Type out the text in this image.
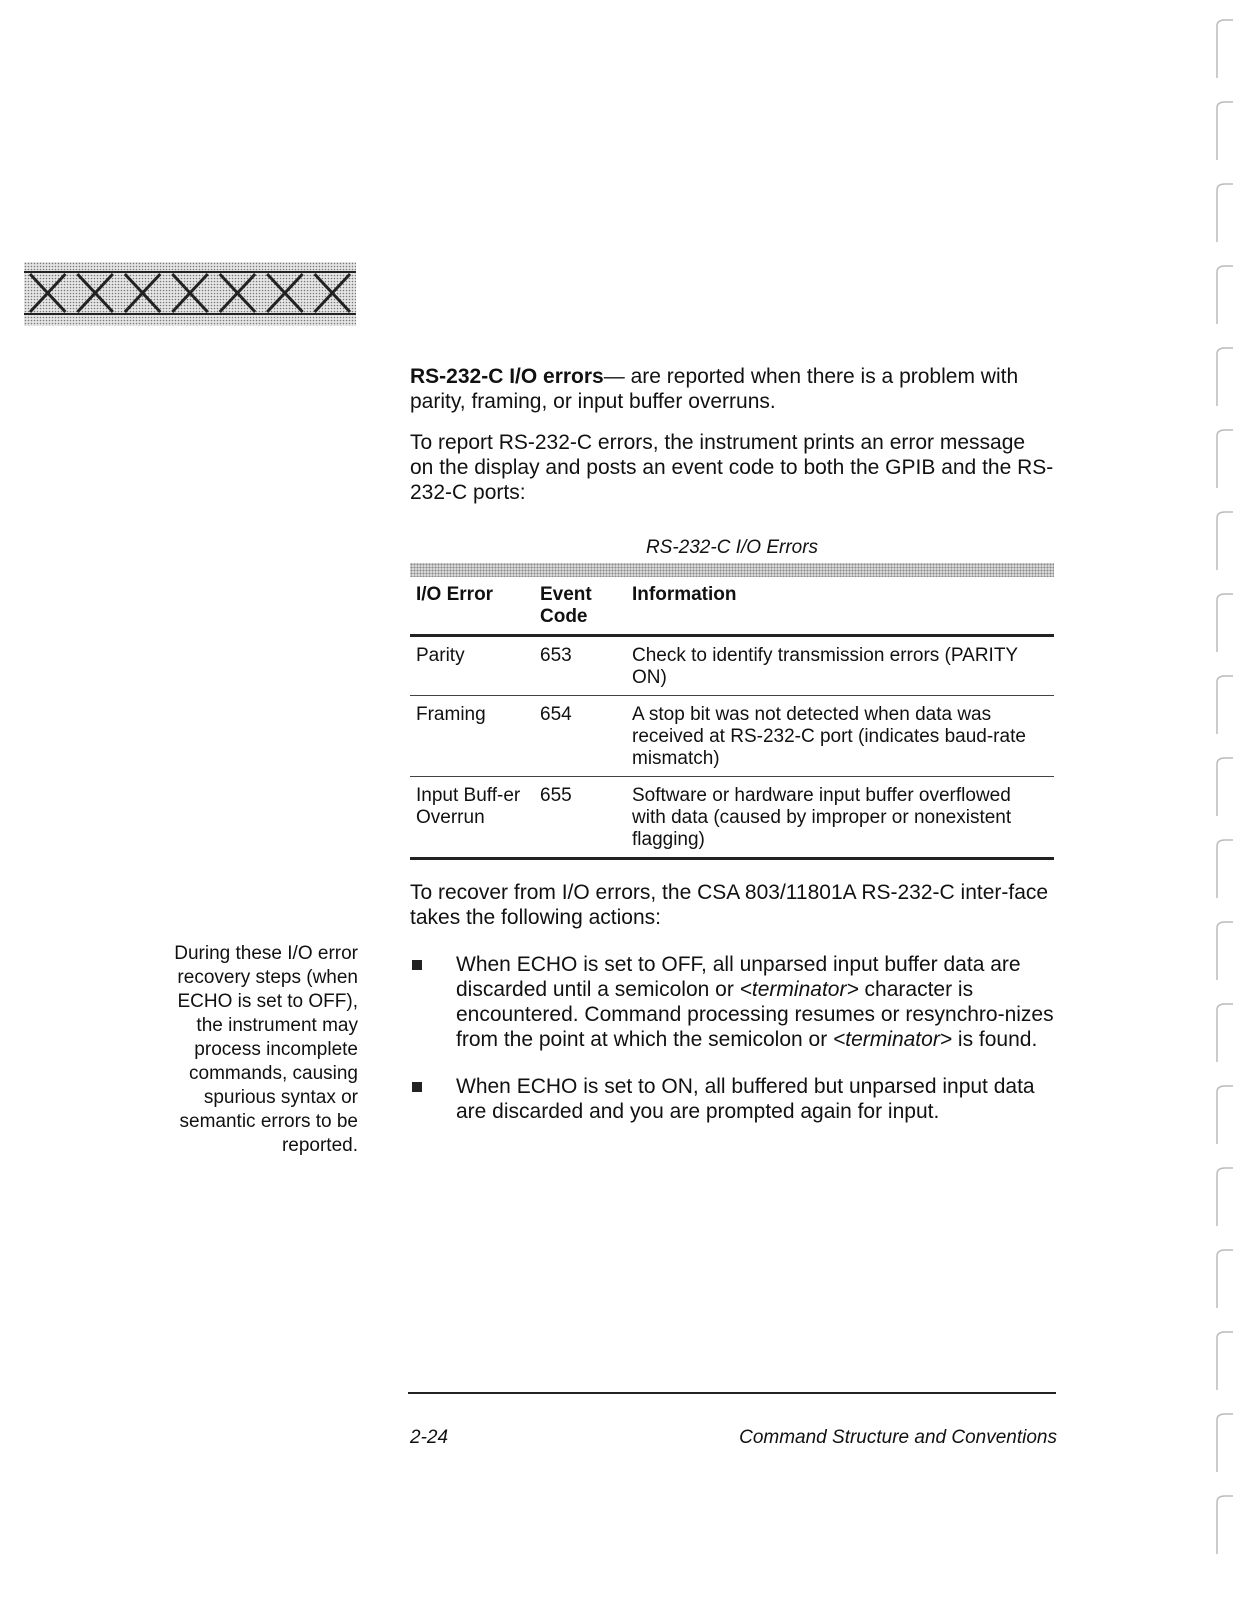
RS-232-C I/O errors— are reported when there is a problem with parity, framing, or input buffer overruns.

To report RS-232-C errors, the instrument prints an error message on the display and posts an event code to both the GPIB and the RS-232-C ports:

RS-232-C I/O Errors

I/O Error	Event Code	Information
Parity	653	Check to identify transmission errors (PARITY ON)
Framing	654	A stop bit was not detected when data was received at RS-232-C port (indicates baud-rate mismatch)
Input Buff-er Overrun	655	Software or hardware input buffer overflowed with data (caused by improper or nonexistent flagging)

To recover from I/O errors, the CSA 803/11801A RS-232-C inter-face takes the following actions:

When ECHO is set to OFF, all unparsed input buffer data are discarded until a semicolon or <terminator> character is encountered. Command processing resumes or resynchro-nizes from the point at which the semicolon or <terminator> is found.
When ECHO is set to ON, all buffered but unparsed input data are discarded and you are prompted again for input.

During these I/O error recovery steps (when ECHO is set to OFF), the instrument may process incomplete commands, causing spurious syntax or semantic errors to be reported.

2-24	Command Structure and Conventions
